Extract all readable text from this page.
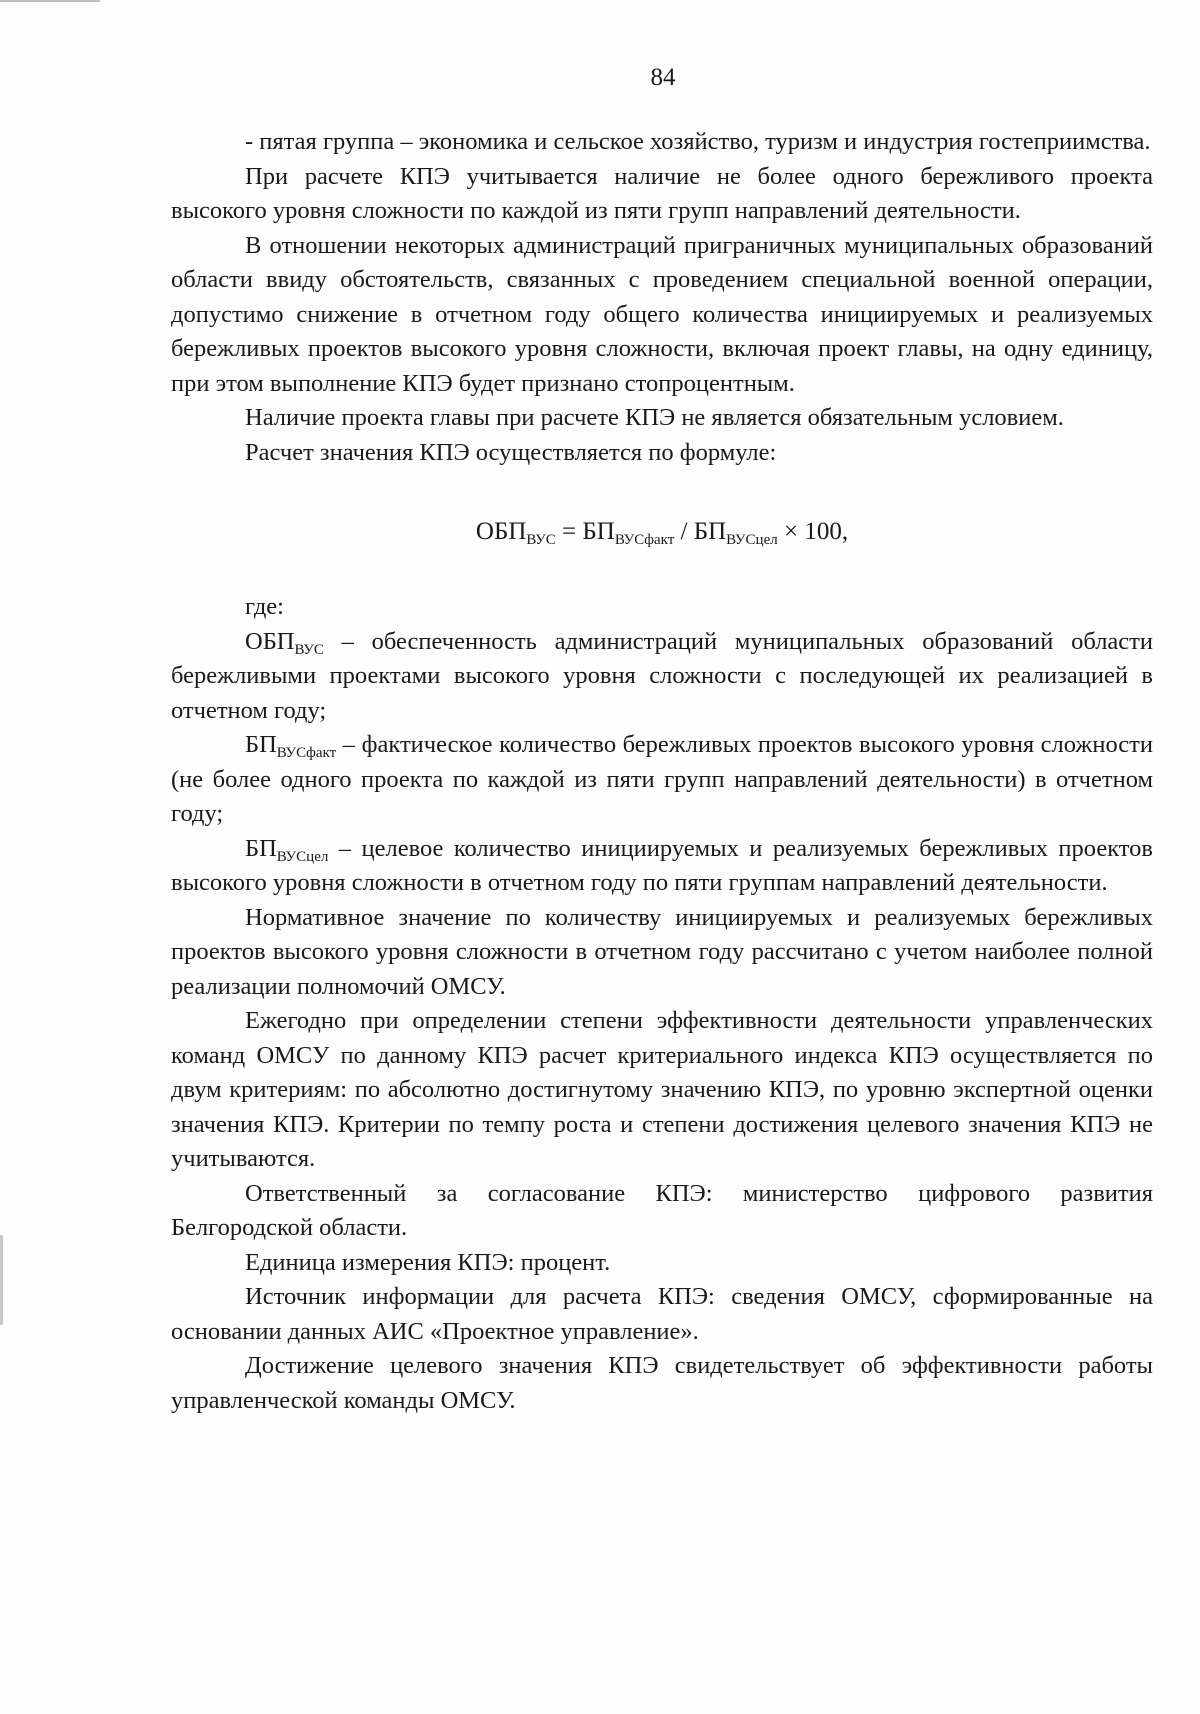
84

- пятая группа – экономика и сельское хозяйство, туризм и индустрия гостеприимства.

При расчете КПЭ учитывается наличие не более одного бережливого проекта высокого уровня сложности по каждой из пяти групп направлений деятельности.

В отношении некоторых администраций приграничных муниципальных образований области ввиду обстоятельств, связанных с проведением специальной военной операции, допустимо снижение в отчетном году общего количества инициируемых и реализуемых бережливых проектов высокого уровня сложности, включая проект главы, на одну единицу, при этом выполнение КПЭ будет признано стопроцентным.

Наличие проекта главы при расчете КПЭ не является обязательным условием.

Расчет значения КПЭ осуществляется по формуле:

$ОБП_{ВУС} = БП_{ВУСфакт} / БП_{ВУСцел} \times 100$,

где:

$ОБП_{ВУС}$ – обеспеченность администраций муниципальных образований области бережливыми проектами высокого уровня сложности с последующей их реализацией в отчетном году;

$БП_{ВУСфакт}$ – фактическое количество бережливых проектов высокого уровня сложности (не более одного проекта по каждой из пяти групп направлений деятельности) в отчетном году;

$БП_{ВУСцел}$ – целевое количество инициируемых и реализуемых бережливых проектов высокого уровня сложности в отчетном году по пяти группам направлений деятельности.

Нормативное значение по количеству инициируемых и реализуемых бережливых проектов высокого уровня сложности в отчетном году рассчитано с учетом наиболее полной реализации полномочий ОМСУ.

Ежегодно при определении степени эффективности деятельности управленческих команд ОМСУ по данному КПЭ расчет критериального индекса КПЭ осуществляется по двум критериям: по абсолютно достигнутому значению КПЭ, по уровню экспертной оценки значения КПЭ. Критерии по темпу роста и степени достижения целевого значения КПЭ не учитываются.

Ответственный за согласование КПЭ: министерство цифрового развития Белгородской области.

Единица измерения КПЭ: процент.

Источник информации для расчета КПЭ: сведения ОМСУ, сформированные на основании данных АИС «Проектное управление».

Достижение целевого значения КПЭ свидетельствует об эффективности работы управленческой команды ОМСУ.
